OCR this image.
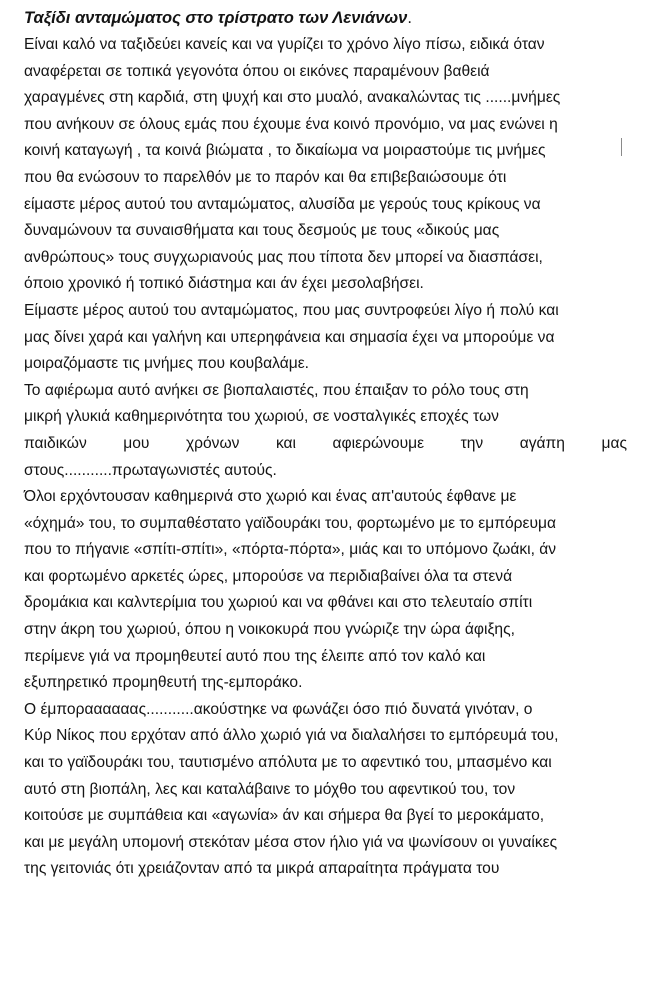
Ταξίδι ανταμώματος στο τρίστρατο των Λενιάνων.
Είναι καλό να ταξιδεύει κανείς και να γυρίζει το χρόνο λίγο πίσω, ειδικά όταν
αναφέρεται σε τοπικά γεγονότα όπου οι εικόνες παραμένουν βαθειά
χαραγμένες στη καρδιά, στη ψυχή και στο μυαλό, ανακαλώντας τις ......μνήμες
που ανήκουν σε όλους εμάς που έχουμε ένα κοινό προνόμιο, να μας ενώνει η
κοινή καταγωγή , τα κοινά βιώματα , το δικαίωμα να μοιραστούμε τις μνήμες
που θα ενώσουν το παρελθόν με το παρόν και θα επιβεβαιώσουμε ότι
είμαστε μέρος αυτού του ανταμώματος, αλυσίδα με γερούς τους κρίκους να
δυναμώνουν τα συναισθήματα και τους δεσμούς με τους «δικούς μας
ανθρώπους» τους συγχωριανούς μας που τίποτα δεν μπορεί να διασπάσει,
όποιο χρονικό ή τοπικό διάστημα και άν έχει μεσολαβήσει.
Είμαστε μέρος αυτού του ανταμώματος, που μας συντροφεύει λίγο ή πολύ και
μας δίνει χαρά και γαλήνη και υπερηφάνεια και σημασία έχει να μπορούμε να
μοιραζόμαστε τις μνήμες που κουβαλάμε.
Το αφιέρωμα αυτό ανήκει σε βιοπαλαιστές, που έπαιξαν το ρόλο τους στη
μικρή γλυκιά καθημερινότητα του χωριού, σε νοσταλγικές εποχές των
παιδικών μου χρόνων και αφιερώνουμε την αγάπη μας
στους...........πρωταγωνιστές αυτούς.
Όλοι ερχόντουσαν καθημερινά στο χωριό και ένας απ'αυτούς έφθανε με
«όχημά» του, το συμπαθέστατο γαϊδουράκι του, φορτωμένο με το εμπόρευμα
που το πήγανιε «σπίτι-σπίτι», «πόρτα-πόρτα», μιάς και το υπόμονο ζωάκι, άν
και φορτωμένο αρκετές ώρες, μπορούσε να περιδιαβαίνει όλα τα στενά
δρομάκια και καλντερίμια του χωριού και να φθάνει και στο τελευταίο σπίτι
στην άκρη του χωριού, όπου η νοικοκυρά που γνώριζε την ώρα άφιξης,
περίμενε γιά να προμηθευτεί αυτό που της έλειπε από τον καλό και
εξυπηρετικό προμηθευτή της-εμποράκο.
Ο έμποραααααας...........ακούστηκε να φωνάζει όσο πιό δυνατά γινόταν, ο
Κύρ Νίκος που ερχόταν από άλλο χωριό γιά να διαλαλήσει το εμπόρευμά του,
και το γαϊδουράκι του, ταυτισμένο απόλυτα με το αφεντικό του, μπασμένο και
αυτό στη βιοπάλη, λες και καταλάβαινε το μόχθο του αφεντικού του, τον
κοιτούσε με συμπάθεια και «αγωνία» άν και σήμερα θα βγεί το μεροκάματο,
και με μεγάλη υπομονή στεκόταν μέσα στον ήλιο γιά να ψωνίσουν οι γυναίκες
της γειτονιάς ότι χρειάζονταν από τα μικρά απαραίτητα πράγματα του
